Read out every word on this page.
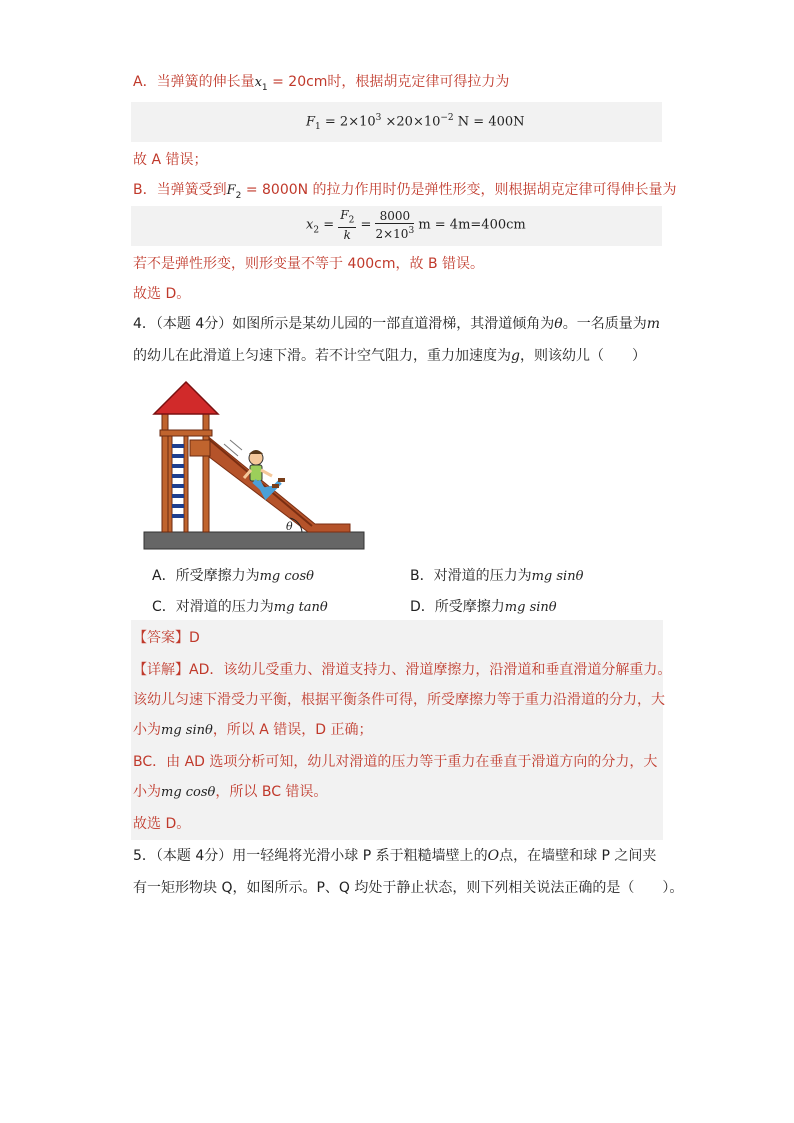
A．当弹簧的伸长量$x_1 = 20cm$时，根据胡克定律可得拉力为
$F_1 = 2\times 10^3 \times 20\times 10^{-2}$ N = 400N
故 A 错误；
B．当弹簧受到$F_2 = 8000N$ 的拉力作用时仍是弹性形变，则根据胡克定律可得伸长量为
$x_2 = \frac{F_2}{k} = \frac{8000}{2\times 10^3}$ m = 4m=400cm
若不是弹性形变，则形变量不等于 400cm，故 B 错误。
故选 D。
4．（本题 4分）如图所示是某幼儿园的一部直道滑梯，其滑道倾角为θ。一名质量为m
的幼儿在此滑道上匀速下滑。若不计空气阻力，重力加速度为g，则该幼儿（　　）
θ
A．所受摩擦力为mg cosθ	B．对滑道的压力为mg sinθ
C．对滑道的压力为mg tanθ	D．所受摩擦力mg sinθ
【答案】D
【详解】AD．该幼儿受重力、滑道支持力、滑道摩擦力，沿滑道和垂直滑道分解重力。
该幼儿匀速下滑受力平衡，根据平衡条件可得，所受摩擦力等于重力沿滑道的分力，大
小为mg sinθ，所以 A 错误，D 正确；
BC．由 AD 选项分析可知，幼儿对滑道的压力等于重力在垂直于滑道方向的分力，大
小为mg cosθ，所以 BC 错误。
故选 D。
5．（本题 4分）用一轻绳将光滑小球 P 系于粗糙墙壁上的O点，在墙壁和球 P 之间夹
有一矩形物块 Q，如图所示。P、Q 均处于静止状态，则下列相关说法正确的是（　　）。
